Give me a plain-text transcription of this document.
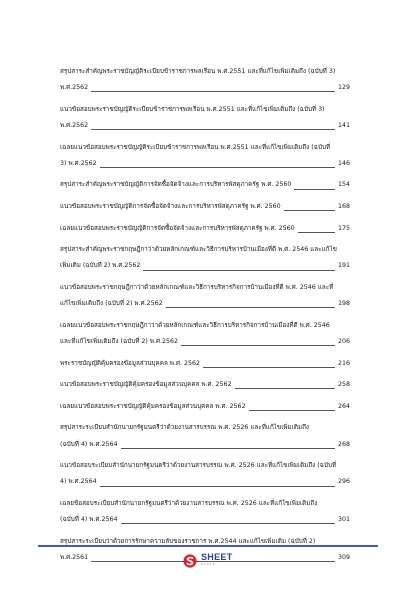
สรุปสาระสำคัญพระราชบัญญัติระเบียบข้าราชการพลเรือน พ.ศ.2551 และที่แก้ไขเพิ่มเติมถึง (ฉบับที่ 3)
พ.ศ.2562	129
แนวข้อสอบพระราชบัญญัติระเบียบข้าราชการพลเรือน พ.ศ.2551 และที่แก้ไขเพิ่มเติมถึง (ฉบับที่ 3)
พ.ศ.2562	141
เฉลยแนวข้อสอบพระราชบัญญัติระเบียบข้าราชการพลเรือน พ.ศ.2551 และที่แก้ไขเพิ่มเติมถึง (ฉบับที่
3) พ.ศ.2562	146
สรุปสาระสำคัญพระราชบัญญัติการจัดซื้อจัดจ้างและการบริหารพัสดุภาครัฐ พ.ศ. 2560	154
แนวข้อสอบพระราชบัญญัติการจัดซื้อจัดจ้างและการบริหารพัสดุภาครัฐ พ.ศ. 2560	168
เฉลยแนวข้อสอบพระราชบัญญัติการจัดซื้อจัดจ้างและการบริหารพัสดุภาครัฐ พ.ศ. 2560	175
สรุปสาระสำคัญพระราชกฤษฎีกาว่าด้วยหลักเกณฑ์และวิธีการบริหารบ้านเมืองที่ดี พ.ศ. 2546 และแก้ไข
เพิ่มเติม (ฉบับที่ 2) พ.ศ.2562	191
แนวข้อสอบพระราชกฤษฎีกาว่าด้วยหลักเกณฑ์และวิธีการบริหารกิจการบ้านเมืองที่ดี พ.ศ. 2546 และที่
แก้ไขเพิ่มเติมถึง (ฉบับที่ 2) พ.ศ.2562	198
เฉลยแนวข้อสอบพระราชกฤษฎีกาว่าด้วยหลักเกณฑ์และวิธีการบริหารกิจการบ้านเมืองที่ดี พ.ศ. 2546
และที่แก้ไขเพิ่มเติมถึง (ฉบับที่ 2) พ.ศ.2562	206
พระราชบัญญัติคุ้มครองข้อมูลส่วนบุคคล พ.ศ. 2562	216
แนวข้อสอบพระราชบัญญัติคุ้มครองข้อมูลส่วนบุคคล พ.ศ. 2562	258
เฉลยแนวข้อสอบพระราชบัญญัติคุ้มครองข้อมูลส่วนบุคคล พ.ศ. 2562	264
สรุปสาระระเบียบสำนักนายกรัฐมนตรีว่าด้วยงานสารบรรณ พ.ศ. 2526 และที่แก้ไขเพิ่มเติมถึง
(ฉบับที่ 4) พ.ศ.2564	268
แนวข้อสอบระเบียบสำนักนายกรัฐมนตรีว่าด้วยงานสารบรรณ พ.ศ. 2526 และที่แก้ไขเพิ่มเติมถึง (ฉบับที่
4) พ.ศ.2564	296
เฉลยข้อสอบระเบียบสำนักนายกรัฐมนตรีว่าด้วยงานสารบรรณ พ.ศ. 2526 และที่แก้ไขเพิ่มเติมถึง
(ฉบับที่ 4) พ.ศ.2564	301
สรุปสาระระเบียบว่าด้วยการรักษาความลับของราชการ พ.ศ.2544 และแก้ไขเพิ่มเติม (ฉบับที่ 2)
พ.ศ.2561	309
SHEET
store
